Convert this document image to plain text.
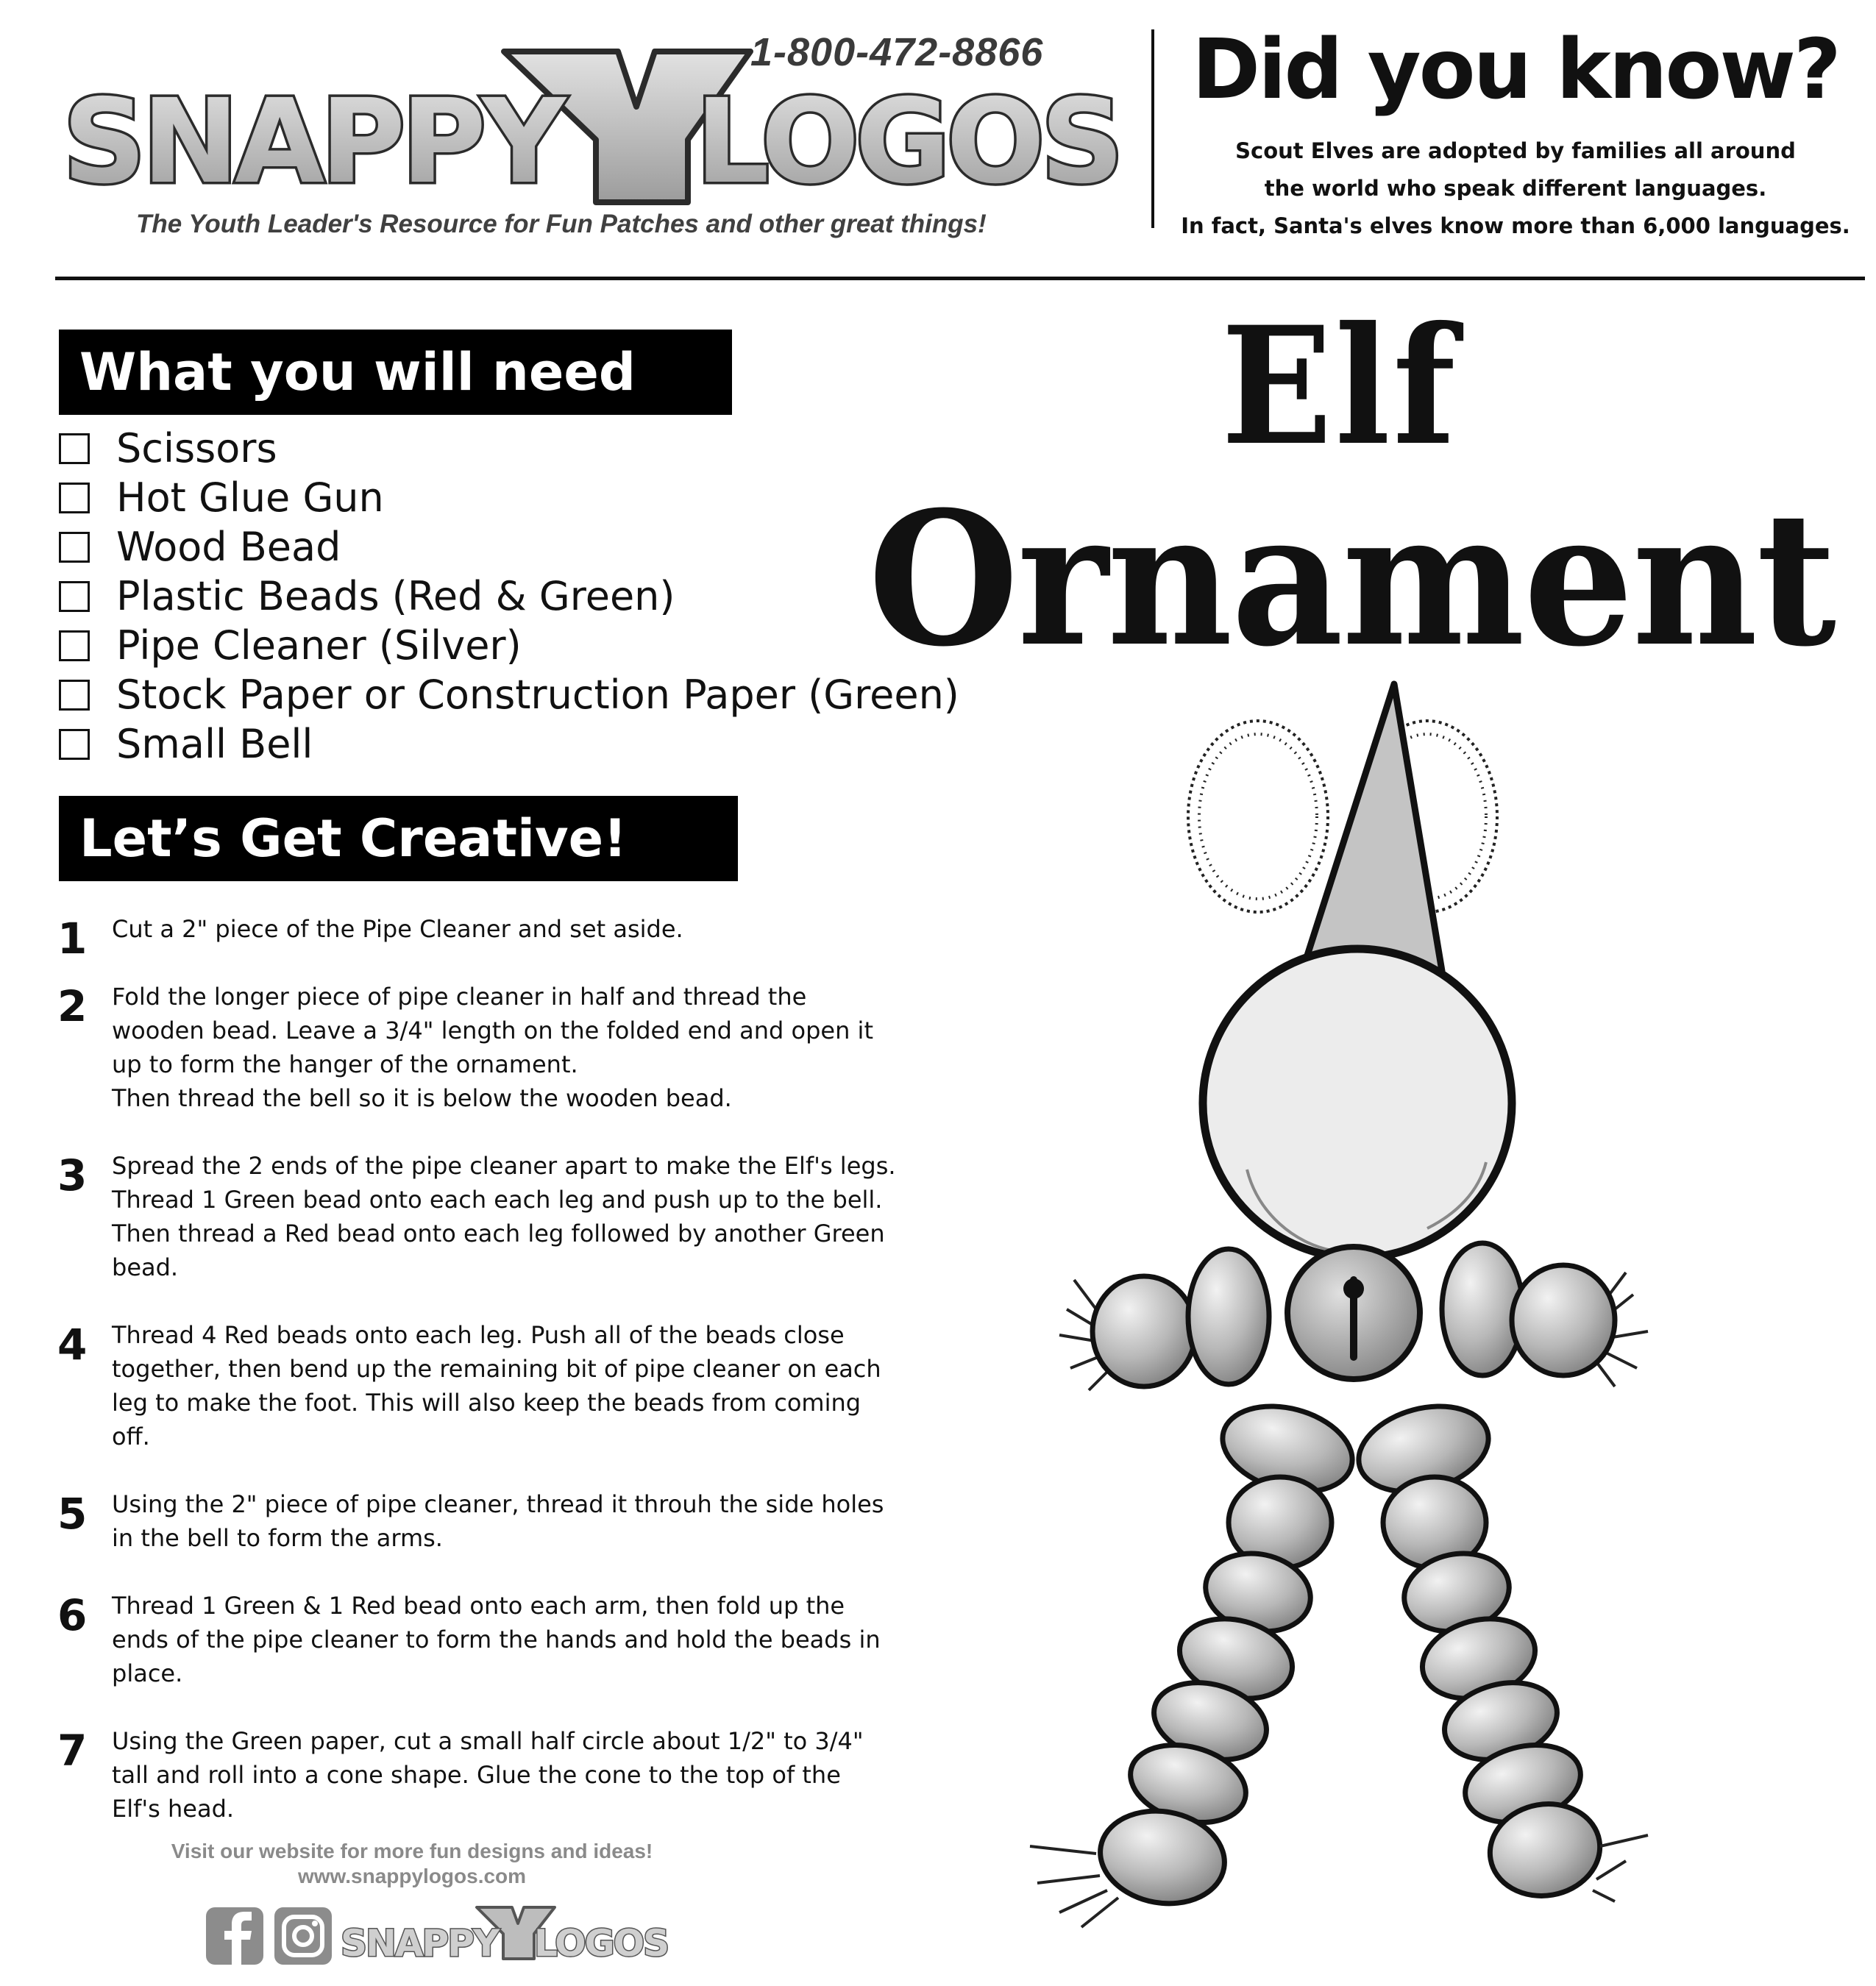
SNAPPY LOGOS
1-800-472-8866
The Youth Leader's Resource for Fun Patches and other great things!
Did you know?
Scout Elves are adopted by families all around
the world who speak different languages.
In fact, Santa's elves know more than 6,000 languages.
What you will need
Scissors
Hot Glue Gun
Wood Bead
Plastic Beads (Red & Green)
Pipe Cleaner (Silver)
Stock Paper or Construction Paper (Green)
Small Bell
Let’s Get Creative!
1 Cut a 2" piece of the Pipe Cleaner and set aside.
2 Fold the longer piece of pipe cleaner in half and thread the
wooden bead. Leave a 3/4" length on the folded end and open it
up to form the hanger of the ornament.
Then thread the bell so it is below the wooden bead.
3 Spread the 2 ends of the pipe cleaner apart to make the Elf's legs.
Thread 1 Green bead onto each each leg and push up to the bell.
Then thread a Red bead onto each leg followed by another Green
bead.
4 Thread 4 Red beads onto each leg. Push all of the beads close
together, then bend up the remaining bit of pipe cleaner on each
leg to make the foot. This will also keep the beads from coming
off.
5 Using the 2" piece of pipe cleaner, thread it throuh the side holes
in the bell to form the arms.
6 Thread 1 Green & 1 Red bead onto each arm, then fold up the
ends of the pipe cleaner to form the hands and hold the beads in
place.
7 Using the Green paper, cut a small half circle about 1/2" to 3/4"
tall and roll into a cone shape. Glue the cone to the top of the
Elf's head.
Visit our website for more fun designs and ideas!
www.snappylogos.com
SNAPPY LOGOS
Elf
Ornament
